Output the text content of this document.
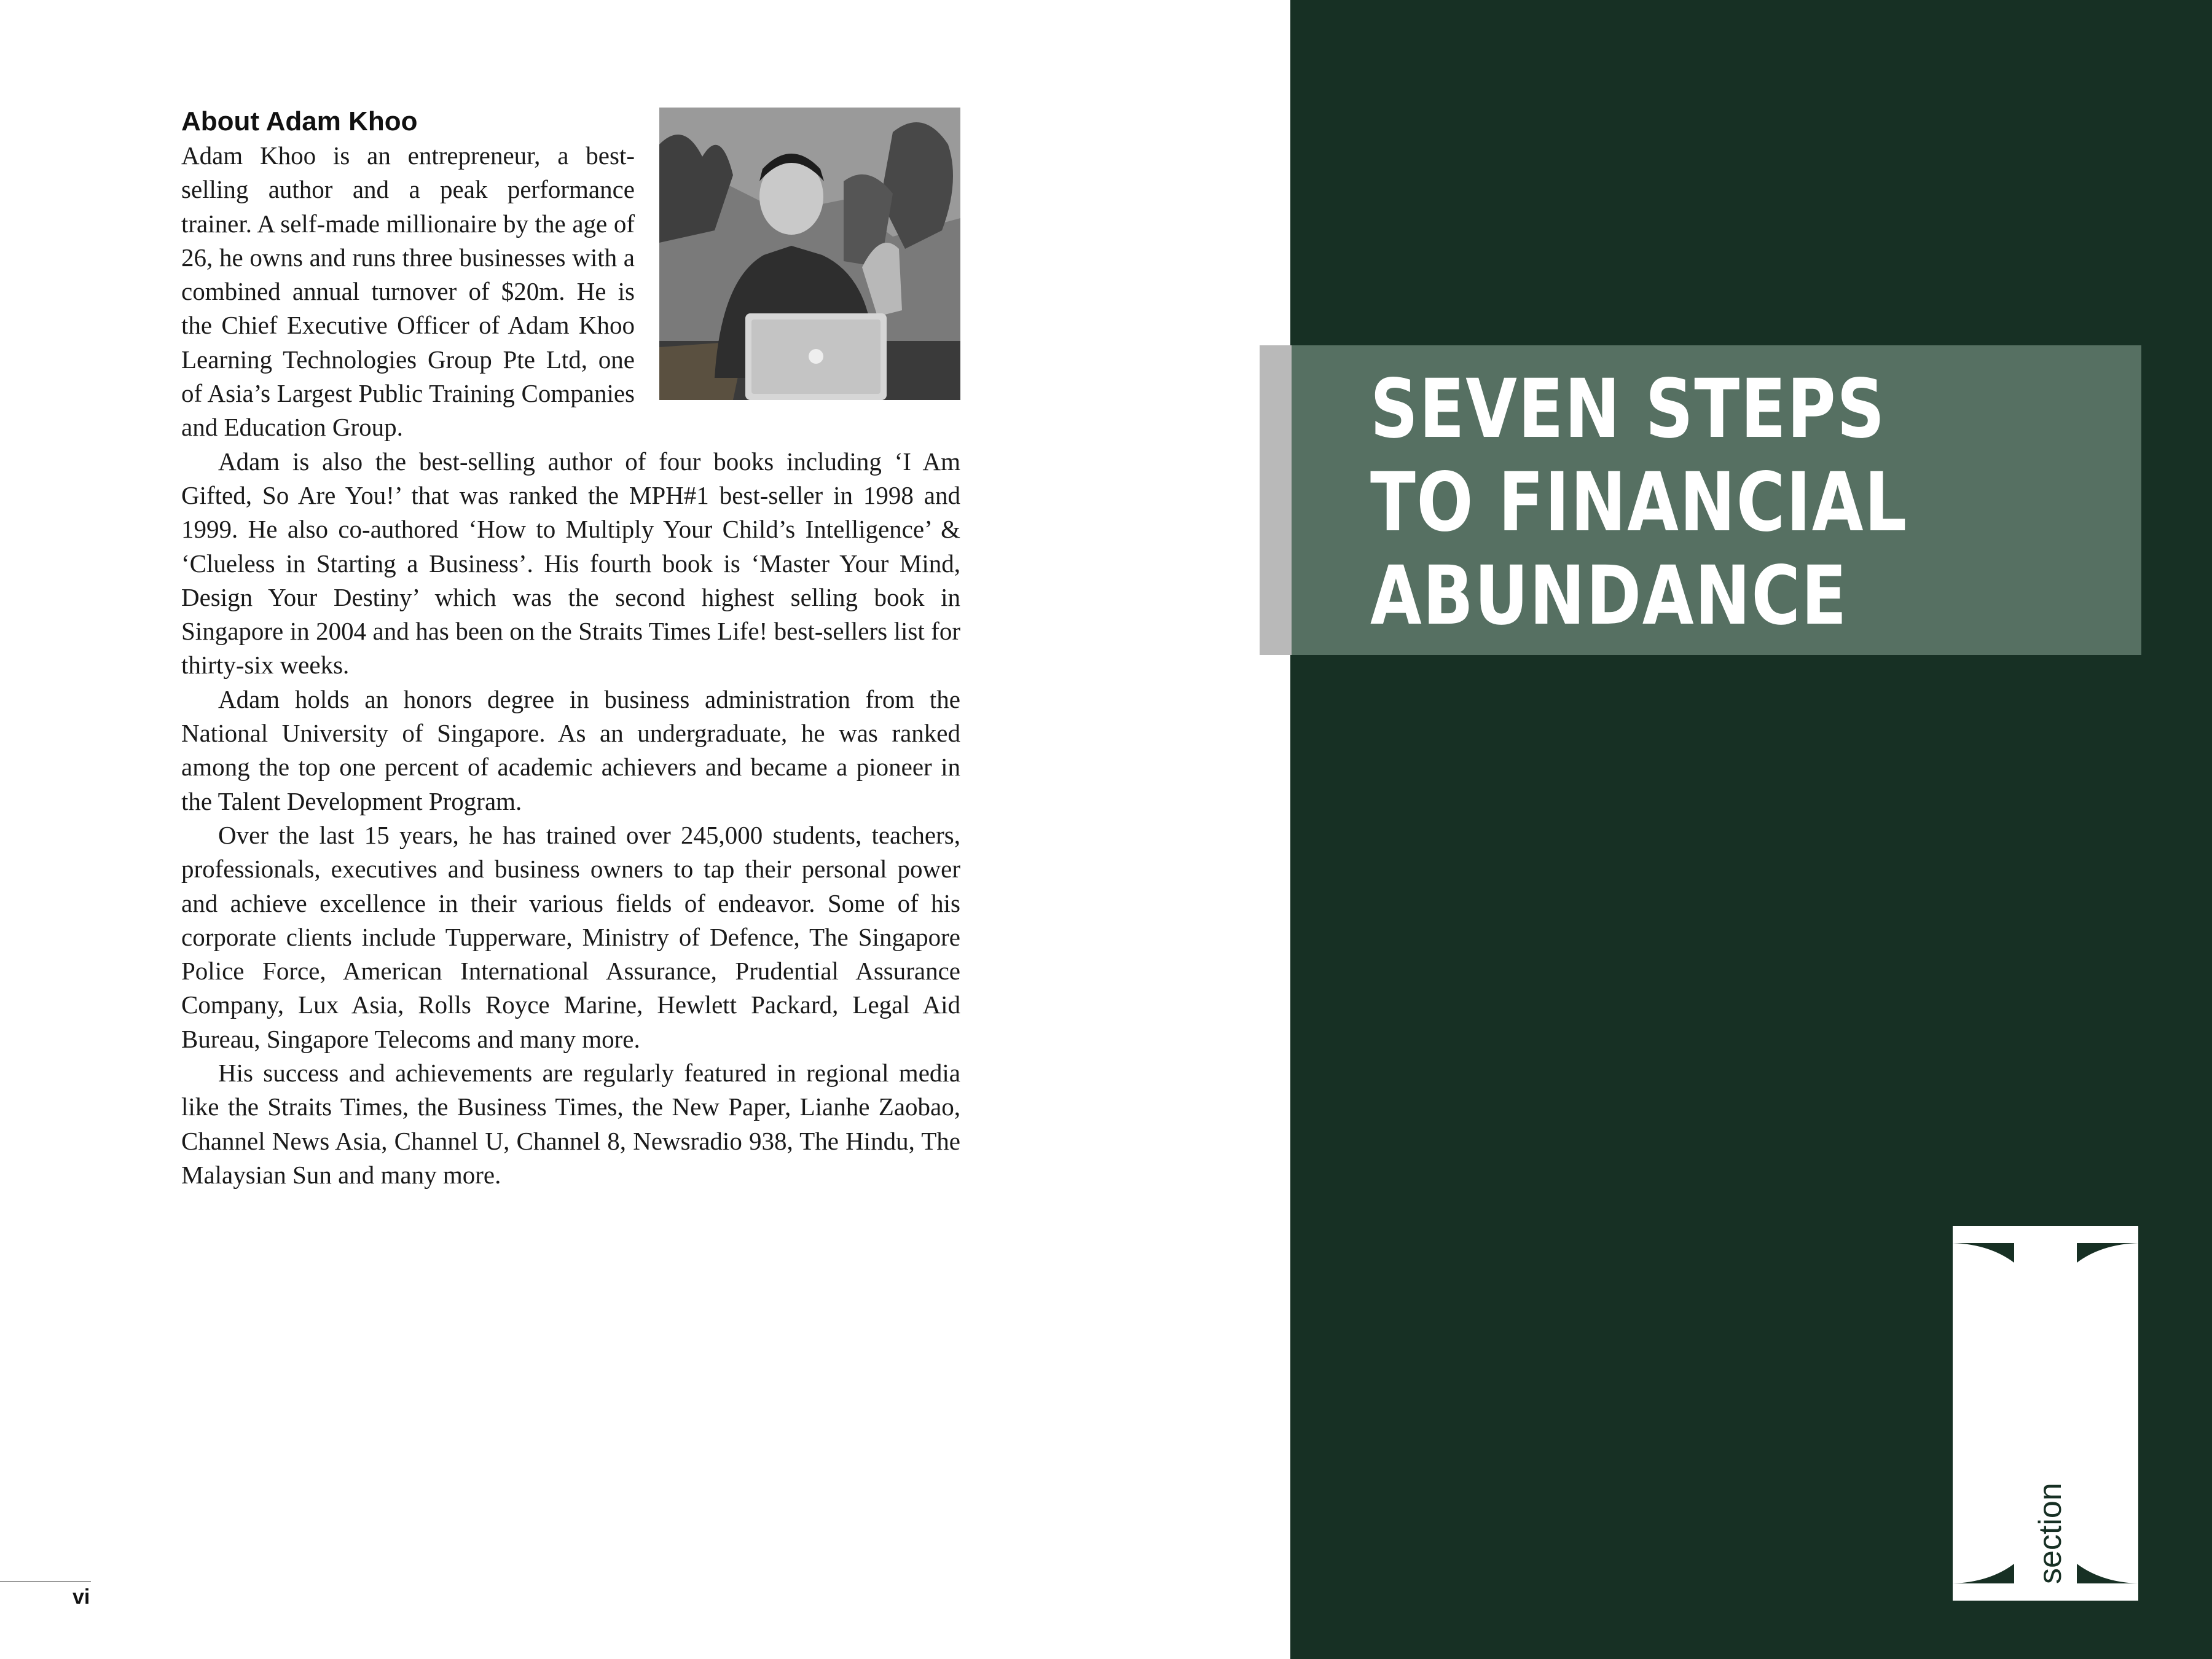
About Adam Khoo

Adam Khoo is an entrepreneur, a best-selling author and a peak performance trainer. A self-made millionaire by the age of 26, he owns and runs three businesses with a combined annual turnover of $20m. He is the Chief Executive Officer of Adam Khoo Learning Technologies Group Pte Ltd, one of Asia’s Largest Public Training Companies and Education Group.

Adam is also the best-selling author of four books including ‘I Am Gifted, So Are You!’ that was ranked the MPH#1 best-seller in 1998 and 1999. He also co-authored ‘How to Multiply Your Child’s Intelligence’ & ‘Clueless in Starting a Business’. His fourth book is ‘Master Your Mind, Design Your Destiny’ which was the second highest selling book in Singapore in 2004 and has been on the Straits Times Life! best-sellers list for thirty-six weeks.

Adam holds an honors degree in business administration from the National University of Singapore. As an undergraduate, he was ranked among the top one percent of academic achievers and became a pioneer in the Talent Development Program.

Over the last 15 years, he has trained over 245,000 students, teachers, professionals, executives and business owners to tap their personal power and achieve excellence in their various fields of endeavor. Some of his corporate clients include Tupperware, Ministry of Defence, The Singapore Police Force, American International Assurance, Prudential Assurance Company, Lux Asia, Rolls Royce Marine, Hewlett Packard, Legal Aid Bureau, Singapore Telecoms and many more.

His success and achievements are regularly featured in regional media like the Straits Times, the Business Times, the New Paper, Lianhe Zaobao, Channel News Asia, Channel U, Channel 8, Newsradio 938, The Hindu, The Malaysian Sun and many more.

vi
SEVEN STEPS
TO FINANCIAL
ABUNDANCE
section
